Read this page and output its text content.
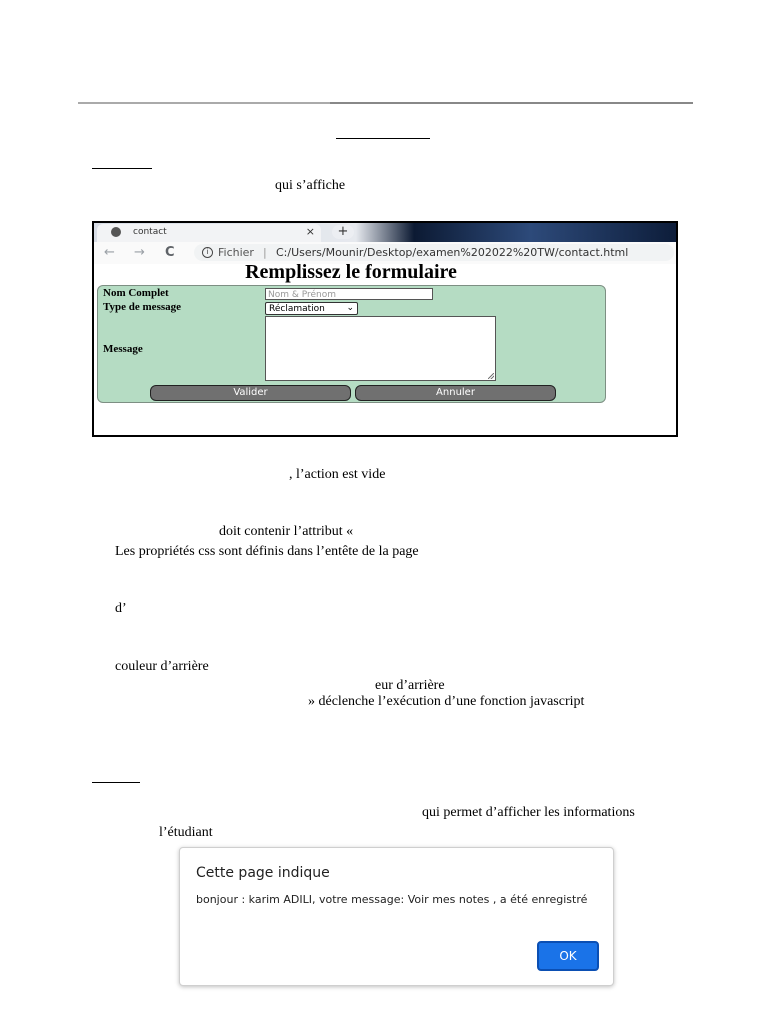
qui s’affiche
contact	×	+
← → C	i Fichier | C:/Users/Mounir/Desktop/examen%202022%20TW/contact.html
Remplissez le formulaire
Nom Complet	Nom & Prénom
Type de message	Réclamation ⌄
Message
Valider	Annuler
, l’action est vide
doit contenir l’attribut «
Les propriétés css sont définis dans l’entête de la page
d’
couleur d’arrière
eur d’arrière
» déclenche l’exécution d’une fonction javascript
qui permet d’afficher les informations
l’étudiant
Cette page indique
bonjour : karim ADILI, votre message: Voir mes notes , a été enregistré
OK
